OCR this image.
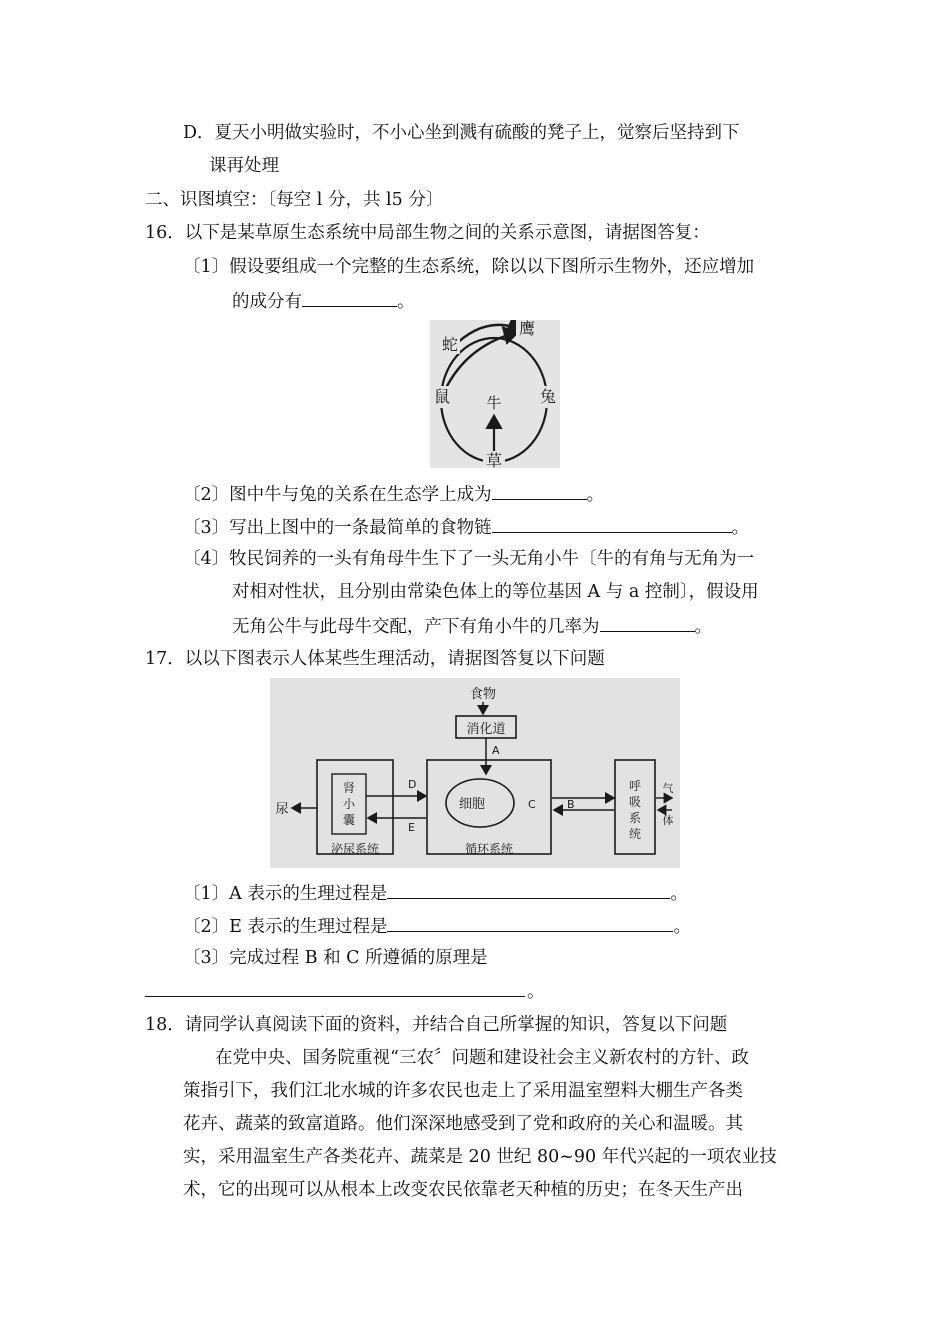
D．夏天小明做实验时，不小心坐到溅有硫酸的凳子上，觉察后坚持到下
课再处理
二、识图填空：〔每空 l 分，共 l5 分〕
16．以下是某草原生态系统中局部生物之间的关系示意图，请据图答复：
〔1〕假设要组成一个完整的生态系统，除以以下图所示生物外，还应增加
的成分有	。
蛇
鹰
鼠 牛 兔
草
〔2〕图中牛与兔的关系在生态学上成为	。
〔3〕写出上图中的一条最简单的食物链	。
〔4〕牧民饲养的一头有角母牛生下了一头无角小牛〔牛的有角与无角为一
对相对性状，且分别由常染色体上的等位基因 A 与 a 控制〕，假设用
无角公牛与此母牛交配，产下有角小牛的几率为	。
17．以以下图表示人体某些生理活动，请据图答复以下问题
食物
消化道
A
肾
小
囊
泌尿系统
尿
D
E
细胞	C
循环系统
B
呼
吸
系
统
气
体
〔1〕A 表示的生理过程是	。
〔2〕E 表示的生理过程是	。
〔3〕完成过程 B 和 C 所遵循的原理是
。
18．请同学认真阅读下面的资料，并结合自己所掌握的知识，答复以下问题
在党中央、国务院重视“三农〞问题和建设社会主义新农村的方针、政
策指引下，我们江北水城的许多农民也走上了采用温室塑料大棚生产各类
花卉、蔬菜的致富道路。他们深深地感受到了党和政府的关心和温暖。其
实，采用温室生产各类花卉、蔬菜是 20 世纪 80~90 年代兴起的一项农业技
术，它的出现可以从根本上改变农民依靠老天种植的历史；在冬天生产出
